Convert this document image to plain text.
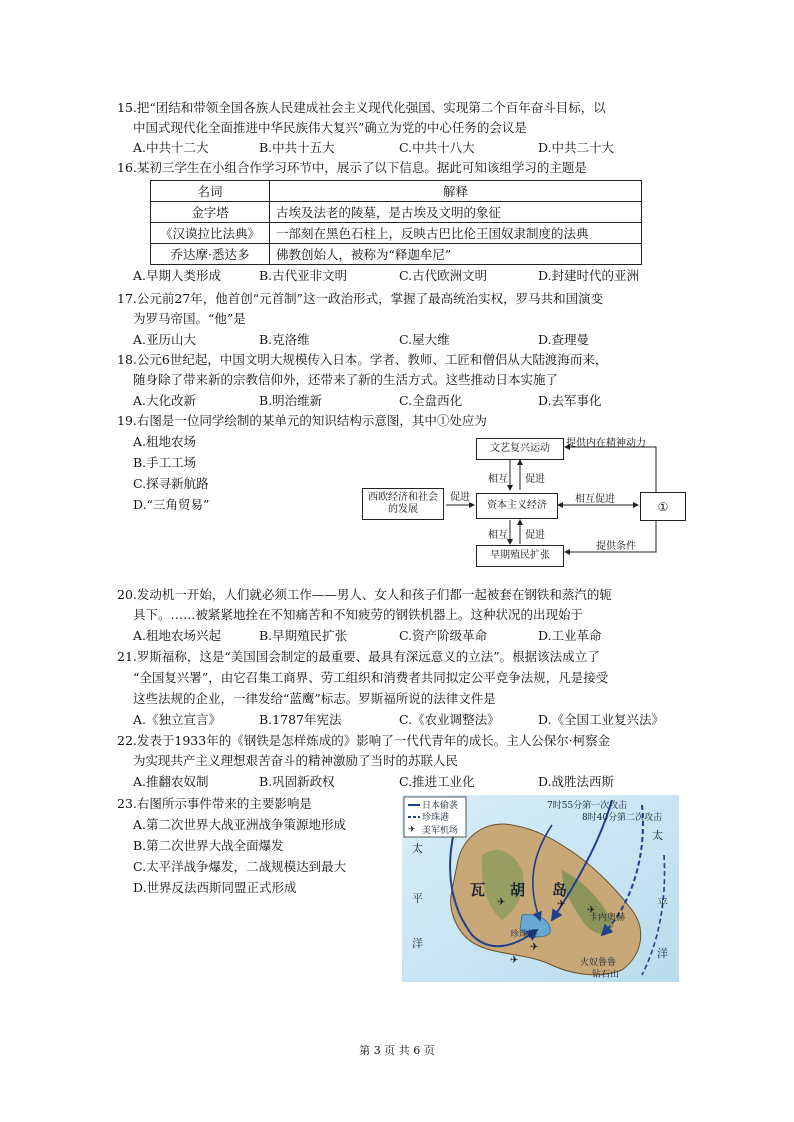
15.把“团结和带领全国各族人民建成社会主义现代化强国、实现第二个百年奋斗目标，以
中国式现代化全面推进中华民族伟大复兴”确立为党的中心任务的会议是
A.中共十二大	B.中共十五大	C.中共十八大	D.中共二十大
16.某初三学生在小组合作学习环节中，展示了以下信息。据此可知该组学习的主题是
名词	解释
金字塔	古埃及法老的陵墓，是古埃及文明的象征
《汉谟拉比法典》	一部刻在黑色石柱上，反映古巴比伦王国奴隶制度的法典
乔达摩·悉达多	佛教创始人，被称为“释迦牟尼”
A.早期人类形成	B.古代亚非文明	C.古代欧洲文明	D.封建时代的亚洲
17.公元前27年，他首创“元首制”这一政治形式，掌握了最高统治实权，罗马共和国演变
为罗马帝国。“他”是
A.亚历山大	B.克洛维	C.屋大维	D.查理曼
18.公元6世纪起，中国文明大规模传入日本。学者、教师、工匠和僧侣从大陆渡海而来，
随身除了带来新的宗教信仰外，还带来了新的生活方式。这些推动日本实施了
A.大化改新	B.明治维新	C.全盘西化	D.去军事化
19.右图是一位同学绘制的某单元的知识结构示意图，其中①处应为
A.租地农场
B.手工工场
C.探寻新航路
D.“三角贸易”
文艺复兴运动
资本主义经济
西欧经济和社会的发展
早期殖民扩张
①
提供内在精神动力
相互 促进
促进	相互促进
相互 促进
提供条件
20.发动机一开始，人们就必须工作——男人、女人和孩子们都一起被套在钢铁和蒸汽的轭
具下。……被紧紧地拴在不知痛苦和不知疲劳的钢铁机器上。这种状况的出现始于
A.租地农场兴起	B.早期殖民扩张	C.资产阶级革命	D.工业革命
21.罗斯福称，这是“美国国会制定的最重要、最具有深远意义的立法”。根据该法成立了
“全国复兴署”，由它召集工商界、劳工组织和消费者共同拟定公平竞争法规，凡是接受
这些法规的企业，一律发给“蓝鹰”标志。罗斯福所说的法律文件是
A.《独立宣言》	B.1787年宪法	C.《农业调整法》	D.《全国工业复兴法》
22.发表于1933年的《钢铁是怎样炼成的》影响了一代代青年的成长。主人公保尔·柯察金
为实现共产主义理想艰苦奋斗的精神激励了当时的苏联人民
A.推翻农奴制	B.巩固新政权	C.推进工业化	D.战胜法西斯
23.右图所示事件带来的主要影响是
A.第二次世界大战亚洲战争策源地形成
B.第二次世界大战全面爆发
C.太平洋战争爆发，二战规模达到最大
D.世界反法西斯同盟正式形成
✈	✈
✈
✈
✈
✈
日本偷袭
珍珠港
美军机场
7时55分第一次攻击
8时40分第二次攻击
瓦 胡 岛
太
平
洋
太
平
洋
卡内奥赫
珍珠港
钻石山
火奴鲁鲁
第 3 页 共 6 页
